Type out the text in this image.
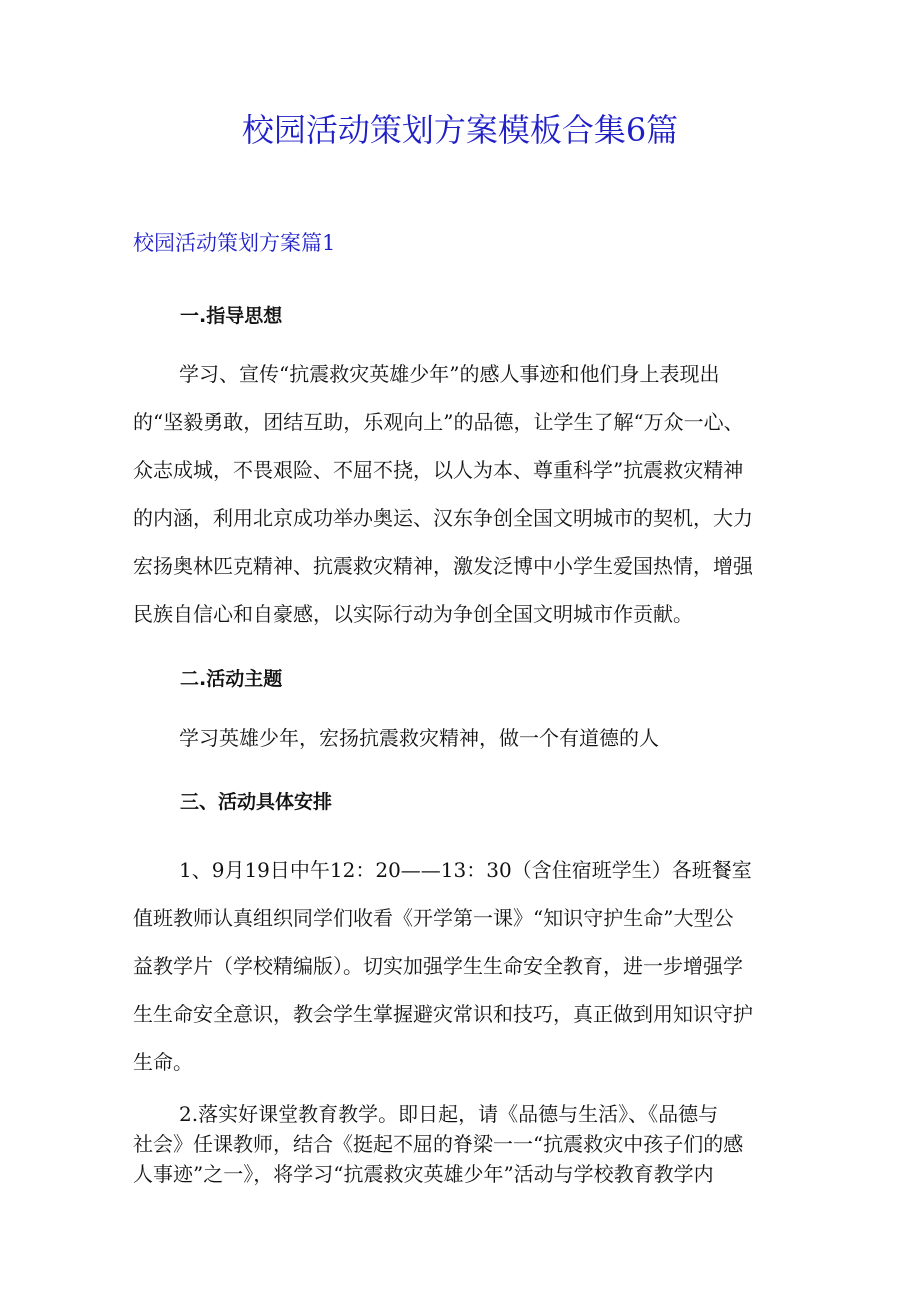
校园活动策划方案模板合集6篇
校园活动策划方案篇1
一.指导思想
学习、宣传“抗震救灾英雄少年”的感人事迹和他们身上表现出
的“坚毅勇敢，团结互助，乐观向上”的品德，让学生了解“万众一心、
众志成城，不畏艰险、不屈不挠，以人为本、尊重科学”抗震救灾精神
的内涵，利用北京成功举办奥运、汉东争创全国文明城市的契机，大力
宏扬奥林匹克精神、抗震救灾精神，激发泛博中小学生爱国热情，增强
民族自信心和自豪感，以实际行动为争创全国文明城市作贡献。
二.活动主题
学习英雄少年，宏扬抗震救灾精神，做一个有道德的人
三、活动具体安排
1、9月19日中午12：20——13：30（含住宿班学生）各班餐室
值班教师认真组织同学们收看《开学第一课》“知识守护生命”大型公
益教学片（学校精编版）。切实加强学生生命安全教育，进一步增强学
生生命安全意识，教会学生掌握避灾常识和技巧，真正做到用知识守护
生命。
2.落实好课堂教育教学。即日起，请《品德与生活》、《品德与
社会》任课教师，结合《挺起不屈的脊梁一一“抗震救灾中孩子们的感
人事迹”之一》，将学习“抗震救灾英雄少年”活动与学校教育教学内
